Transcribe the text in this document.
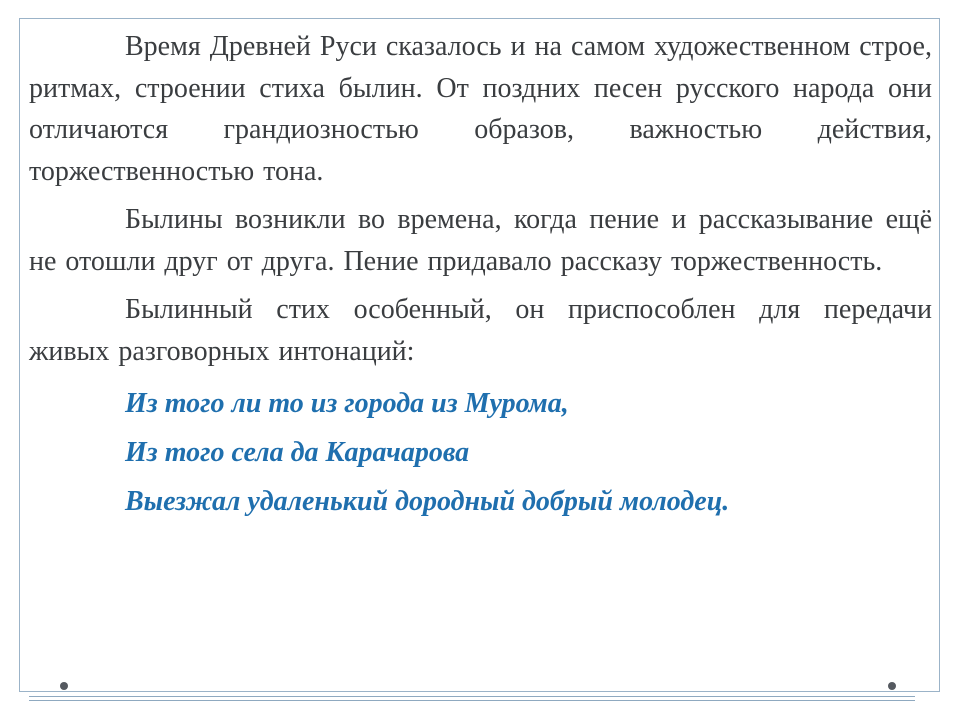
Время Древней Руси сказалось и на самом художественном строе, ритмах, строении стиха былин. От поздних песен русского народа они отличаются грандиозностью образов, важностью действия, торжественностью тона.

Былины возникли во времена, когда пение и рассказывание ещё не отошли друг от друга. Пение придавало рассказу торжественность.

Былинный стих особенный, он приспособлен для передачи живых разговорных интонаций:

Из того ли то из города из Мурома,

Из того села да Карачарова

Выезжал удаленький дородный добрый молодец.
